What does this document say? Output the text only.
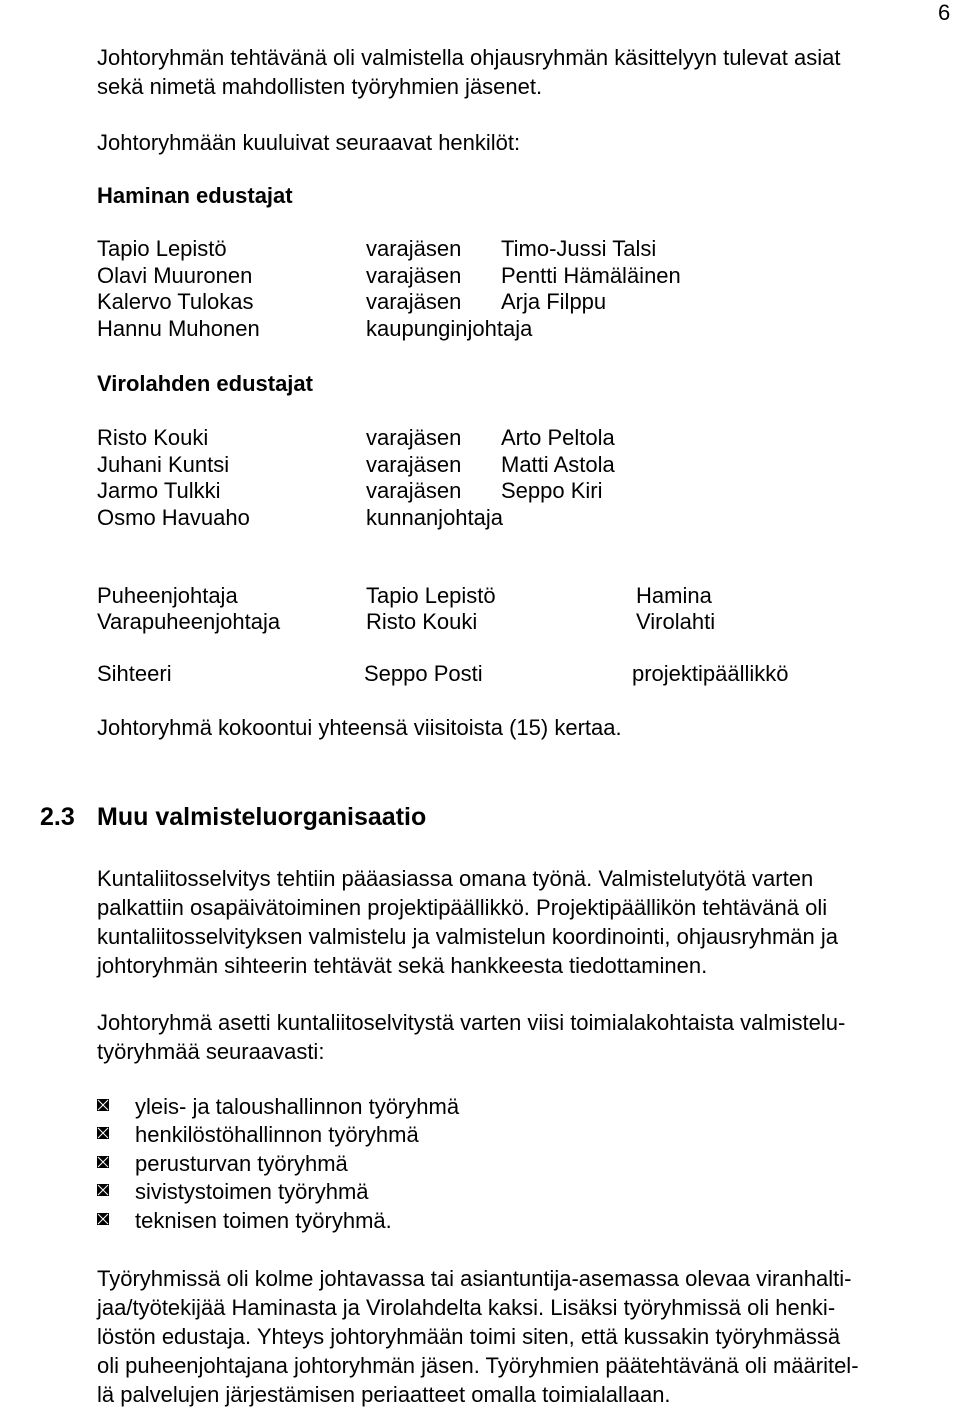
6
Johtoryhmän tehtävänä oli valmistella ohjausryhmän käsittelyyn tulevat asiat
sekä nimetä mahdollisten työryhmien jäsenet.
Johtoryhmään kuuluivat seuraavat henkilöt:
Haminan edustajat
Tapio Lepistö	varajäsen Timo-Jussi Talsi
Olavi Muuronen	varajäsen Pentti Hämäläinen
Kalervo Tulokas	varajäsen Arja Filppu
Hannu Muhonen	kaupunginjohtaja
Virolahden edustajat
Risto Kouki	varajäsen Arto Peltola
Juhani Kuntsi	varajäsen Matti Astola
Jarmo Tulkki	varajäsen Seppo Kiri
Osmo Havuaho	kunnanjohtaja
Puheenjohtaja	Tapio Lepistö	Hamina
Varapuheenjohtaja	Risto Kouki	Virolahti
Sihteeri	Seppo Posti	projektipäällikkö
Johtoryhmä kokoontui yhteensä viisitoista (15) kertaa.
2.3 Muu valmisteluorganisaatio
Kuntaliitosselvitys tehtiin pääasiassa omana työnä. Valmistelutyötä varten
palkattiin osapäivätoiminen projektipäällikkö. Projektipäällikön tehtävänä oli
kuntaliitosselvityksen valmistelu ja valmistelun koordinointi, ohjausryhmän ja
johtoryhmän sihteerin tehtävät sekä hankkeesta tiedottaminen.
Johtoryhmä asetti kuntaliitoselvitystä varten viisi toimialakohtaista valmistelu-
työryhmää seuraavasti:
yleis- ja taloushallinnon työryhmä
henkilöstöhallinnon työryhmä
perusturvan työryhmä
sivistystoimen työryhmä
teknisen toimen työryhmä.
Työryhmissä oli kolme johtavassa tai asiantuntija-asemassa olevaa viranhalti-
jaa/työtekijää Haminasta ja Virolahdelta kaksi. Lisäksi työryhmissä oli henki-
löstön edustaja. Yhteys johtoryhmään toimi siten, että kussakin työryhmässä
oli puheenjohtajana johtoryhmän jäsen. Työryhmien päätehtävänä oli määritel-
lä palvelujen järjestämisen periaatteet omalla toimialallaan.
